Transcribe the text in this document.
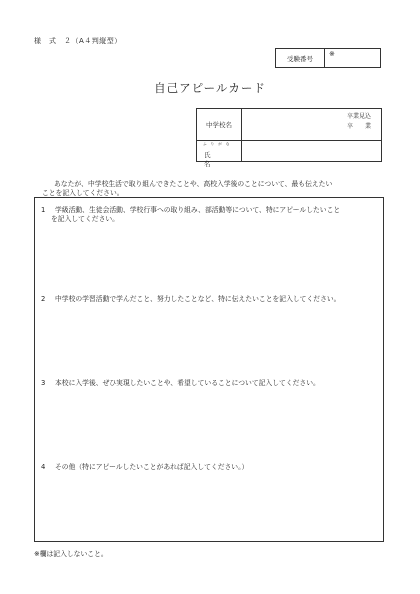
様　式　２（A４判縦型）
受験番号
※
自己アピールカード
中学校名
卒業見込
卒　　業
ふ り が な
氏　名
あなたが、中学校生活で取り組んできたことや、高校入学後のことについて、最も伝えたい
ことを記入してください。
1 学級活動、生徒会活動、学校行事への取り組み、部活動等について、特にアピールしたいこと
を記入してください。
2 中学校の学習活動で学んだこと、努力したことなど、特に伝えたいことを記入してください。
3 本校に入学後、ぜひ実現したいことや、希望していることについて記入してください。
4 その他（特にアピールしたいことがあれば記入してください。）
※欄は記入しないこと。
